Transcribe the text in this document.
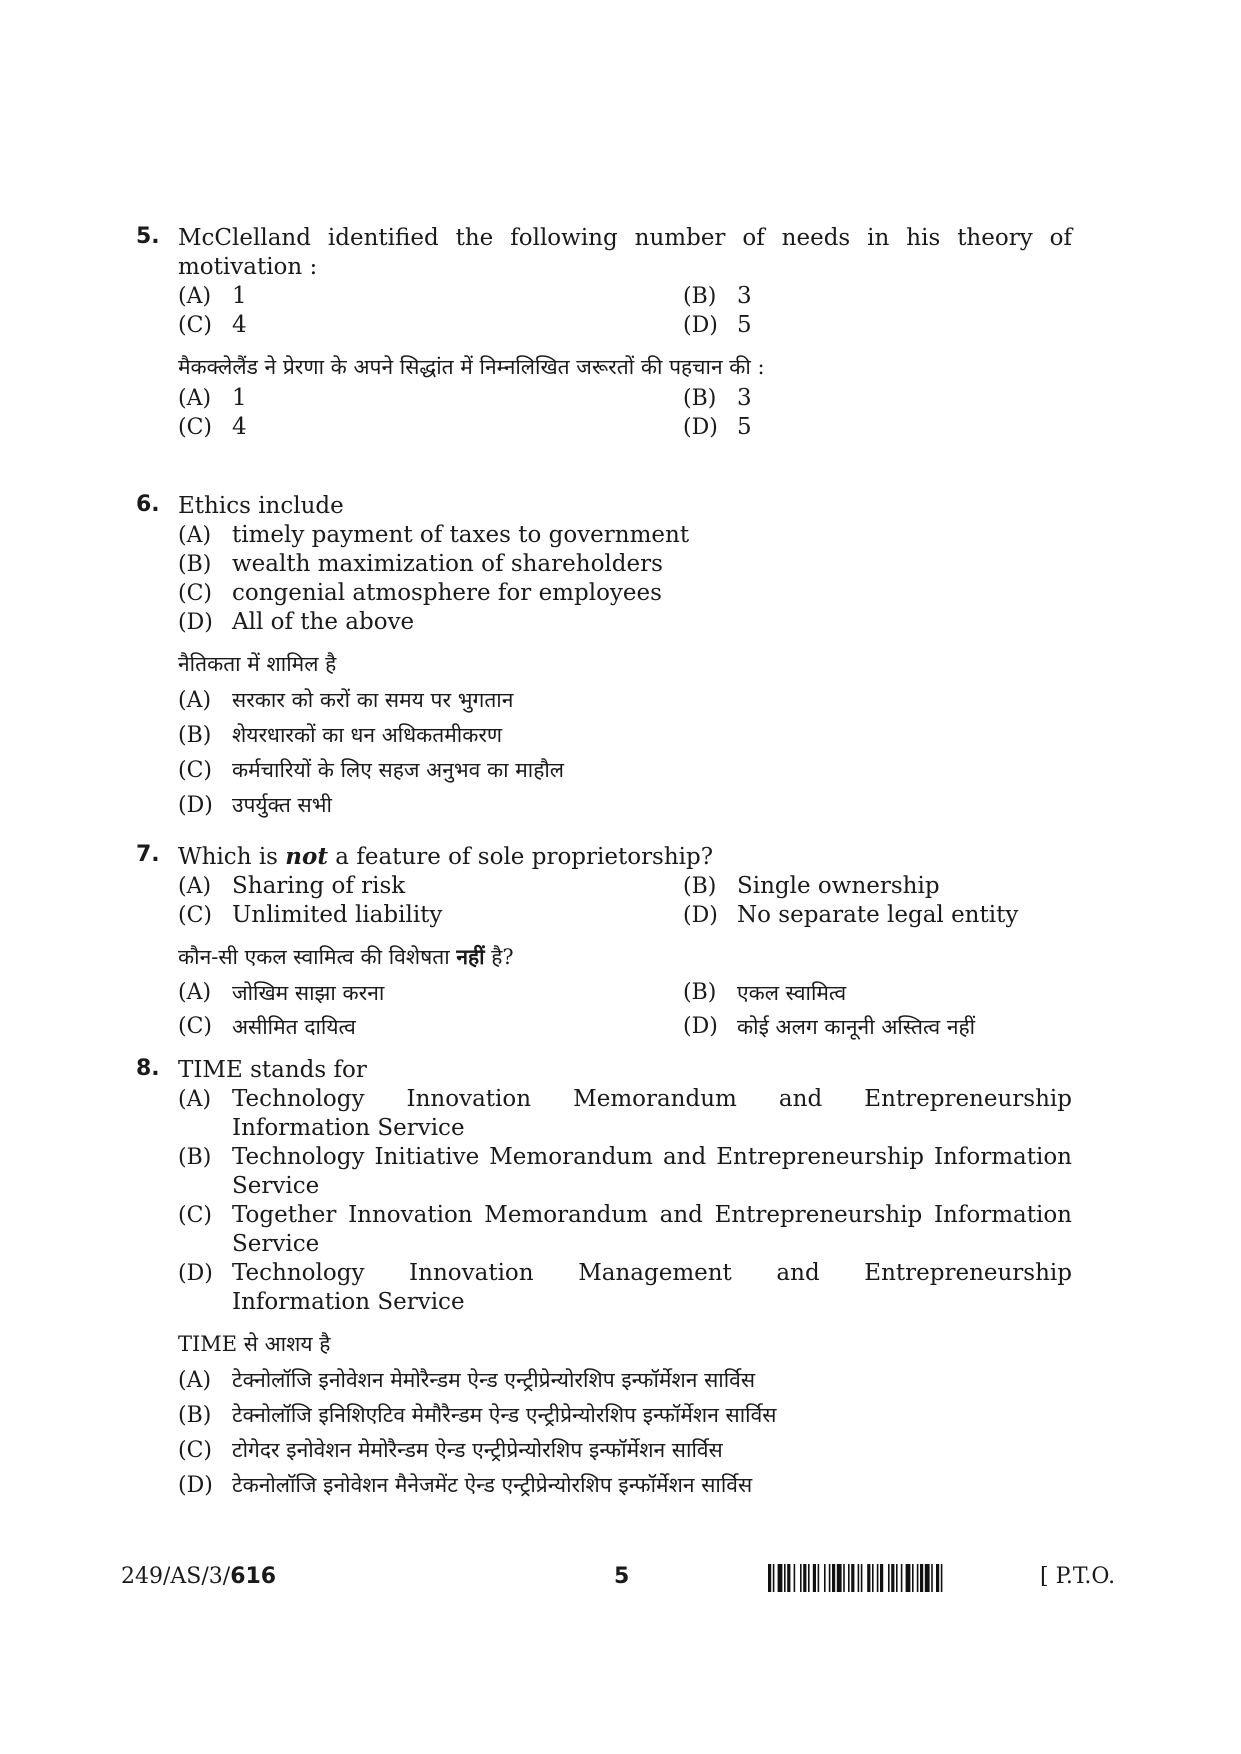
5. McClelland identified the following number of needs in his theory of motivation :
(A) 1	(B) 3
(C) 4	(D) 5
मैकक्लेलैंड ने प्रेरणा के अपने सिद्धांत में निम्नलिखित जरूरतों की पहचान की :
(A) 1	(B) 3
(C) 4	(D) 5
6. Ethics include
(A) timely payment of taxes to government
(B) wealth maximization of shareholders
(C) congenial atmosphere for employees
(D) All of the above
नैतिकता में शामिल है
(A) सरकार को करों का समय पर भुगतान
(B) शेयरधारकों का धन अधिकतमीकरण
(C) कर्मचारियों के लिए सहज अनुभव का माहौल
(D) उपर्युक्त सभी
7. Which is not a feature of sole proprietorship?
(A) Sharing of risk	(B) Single ownership
(C) Unlimited liability	(D) No separate legal entity
कौन-सी एकल स्वामित्व की विशेषता नहीं है?
(A) जोखिम साझा करना	(B) एकल स्वामित्व
(C) असीमित दायित्व	(D) कोई अलग कानूनी अस्तित्व नहीं
8. TIME stands for
(A) Technology Innovation Memorandum and Entrepreneurship
Information Service
(B) Technology Initiative Memorandum and Entrepreneurship Information
Service
(C) Together Innovation Memorandum and Entrepreneurship Information
Service
(D) Technology Innovation Management and Entrepreneurship
Information Service
TIME से आशय है
(A) टेक्नोलॉजि इनोवेशन मेमोरैन्डम ऐन्ड एन्ट्रीप्रेन्योरशिप इन्फॉर्मेशन सार्विस
(B) टेक्नोलॉजि इनिशिएटिव मेमौरैन्डम ऐन्ड एन्ट्रीप्रेन्योरशिप इन्फॉर्मेशन सार्विस
(C) टोगेदर इनोवेशन मेमोरैन्डम ऐन्ड एन्ट्रीप्रेन्योरशिप इन्फॉर्मेशन सार्विस
(D) टेकनोलॉजि इनोवेशन मैनेजमेंट ऐन्ड एन्ट्रीप्रेन्योरशिप इन्फॉर्मेशन सार्विस
249/AS/3/616	5	[ P.T.O.
